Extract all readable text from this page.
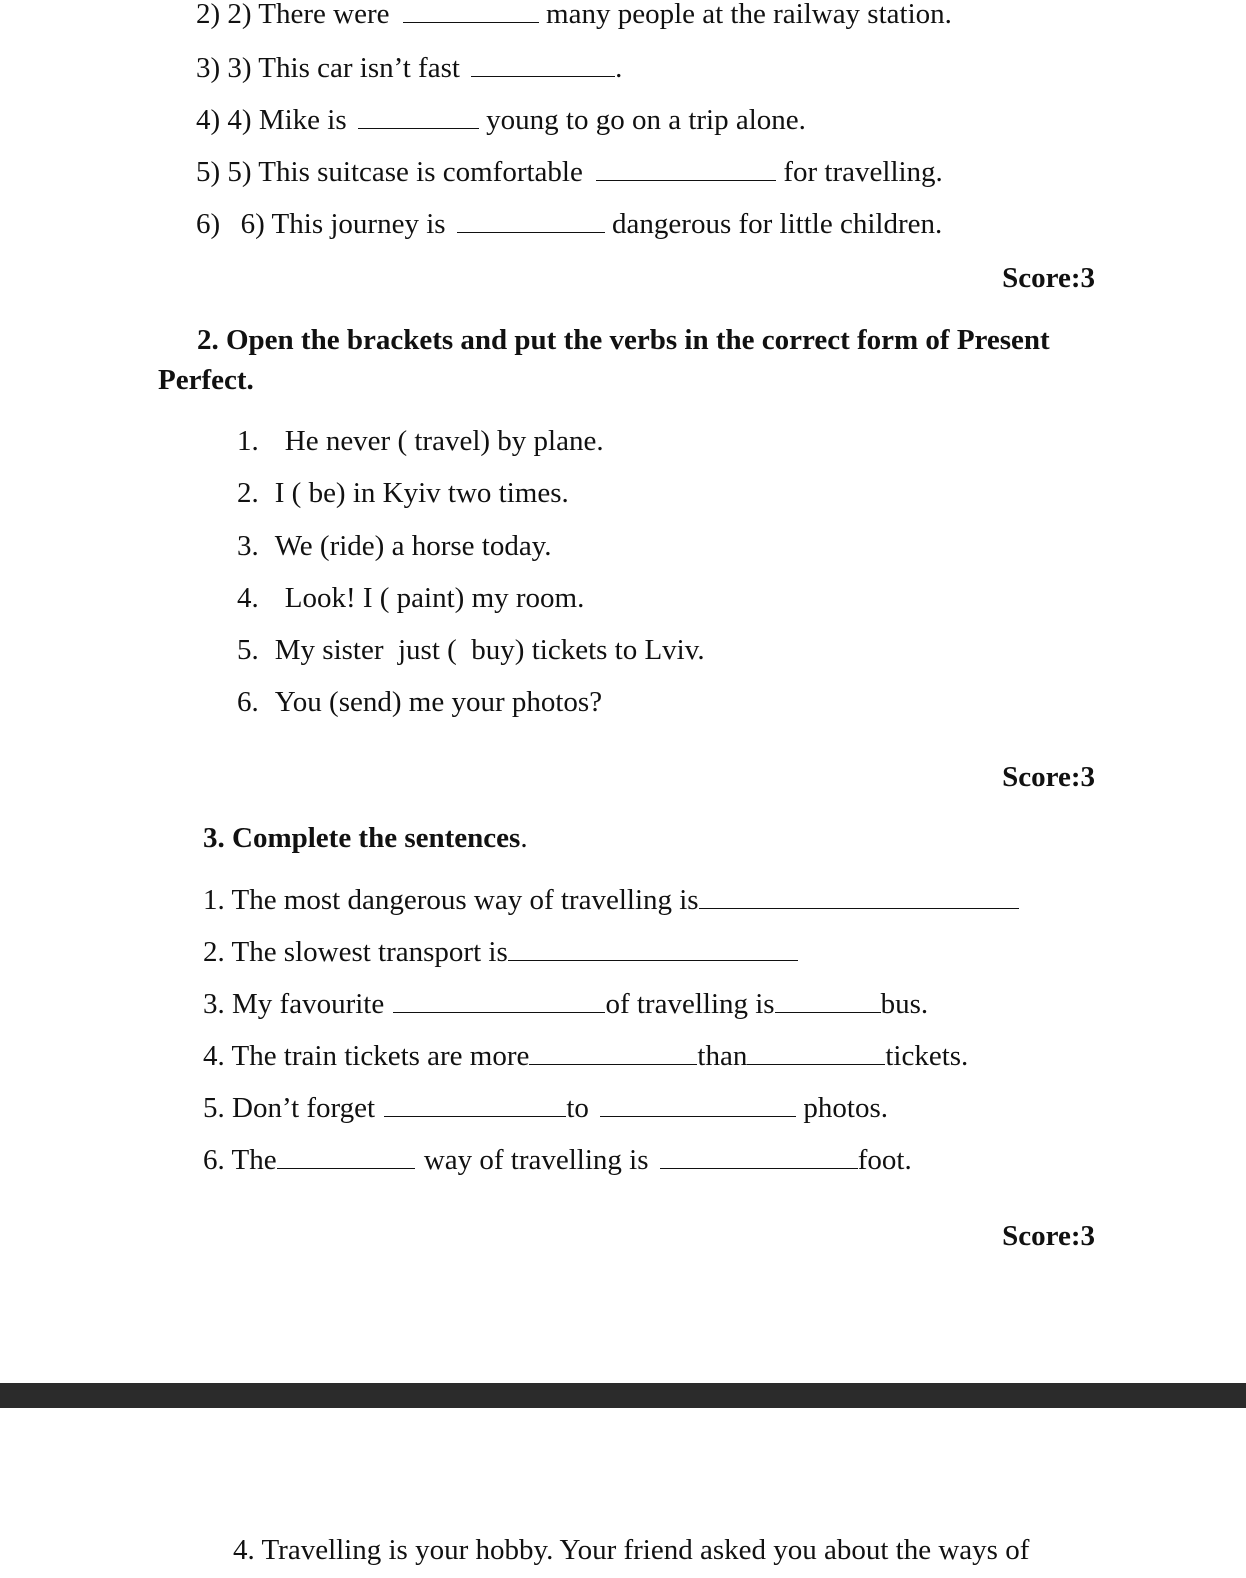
2) 2) There were	many people at the railway station.
3) 3) This car isn’t fast	.
4) 4) Mike is	young to go on a trip alone.
5) 5) This suitcase is comfortable	for travelling.
6) 6) This journey is	dangerous for little children.
Score:3
2. Open the brackets and put the verbs in the correct form of Present
Perfect.
1. He never ( travel) by plane.
2. I ( be) in Kyiv two times.
3. We (ride) a horse today.
4. Look! I ( paint) my room.
5. My sister  just (  buy) tickets to Lviv.
6. You (send) me your photos?
Score:3
3. Complete the sentences.
1. The most dangerous way of travelling is
2. The slowest transport is
3. My favourite	of travelling is	bus.
4. The train tickets are more	than	tickets.
5. Don’t forget	to	photos.
6. The	way of travelling is	foot.
Score:3
4. Travelling is your hobby. Your friend asked you about the ways of
